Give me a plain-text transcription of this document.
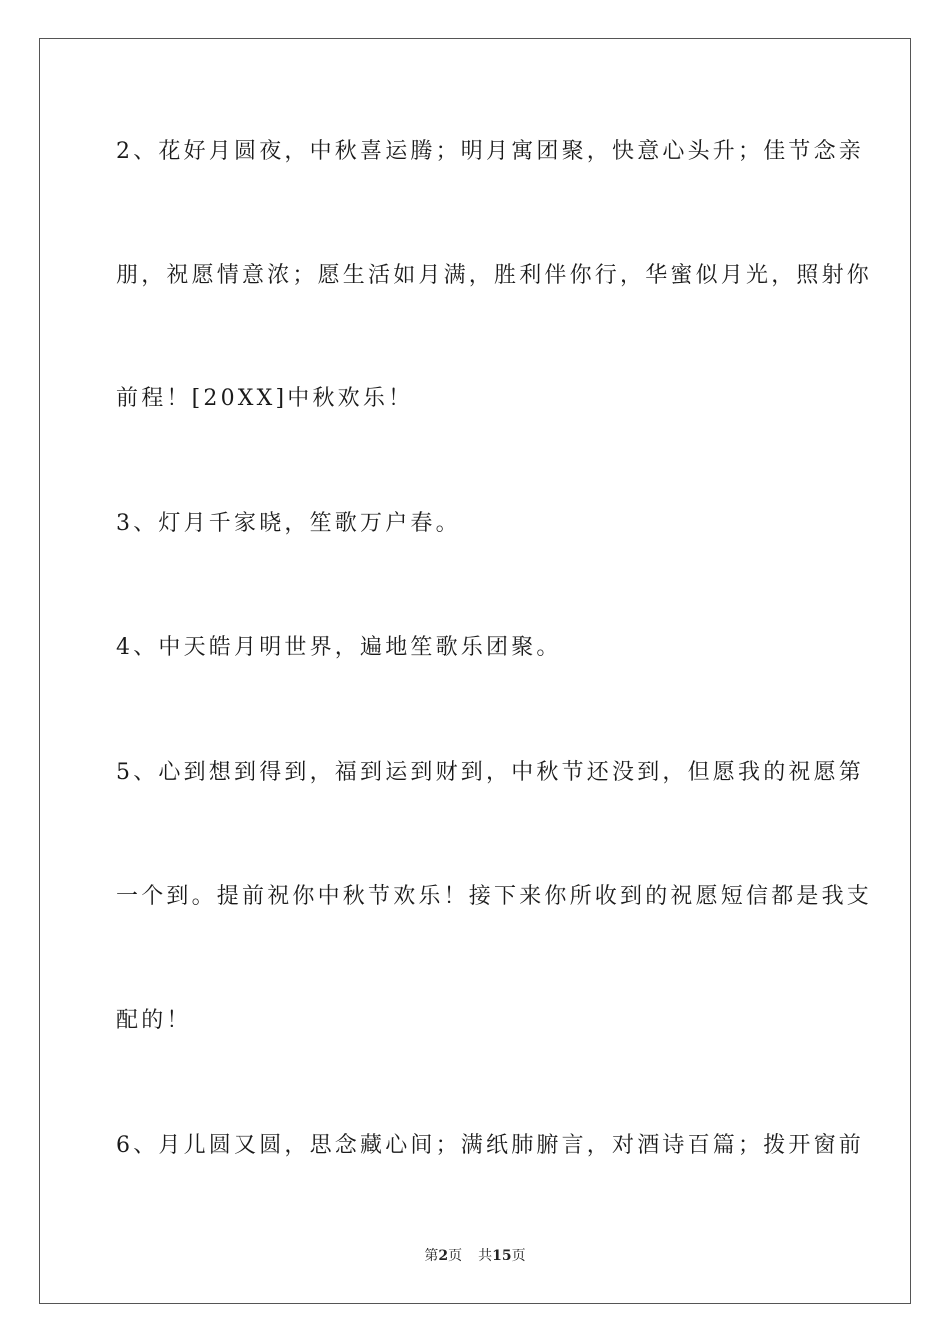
2、花好月圆夜，中秋喜运腾；明月寓团聚，快意心头升；佳节念亲
朋，祝愿情意浓；愿生活如月满，胜利伴你行，华蜜似月光，照射你
前程！[20XX]中秋欢乐！
3、灯月千家晓，笙歌万户春。
4、中天皓月明世界，遍地笙歌乐团聚。
5、心到想到得到，福到运到财到，中秋节还没到，但愿我的祝愿第
一个到。提前祝你中秋节欢乐！接下来你所收到的祝愿短信都是我支
配的！
6、月儿圆又圆，思念藏心间；满纸肺腑言，对酒诗百篇；拨开窗前
第2页 共15页
